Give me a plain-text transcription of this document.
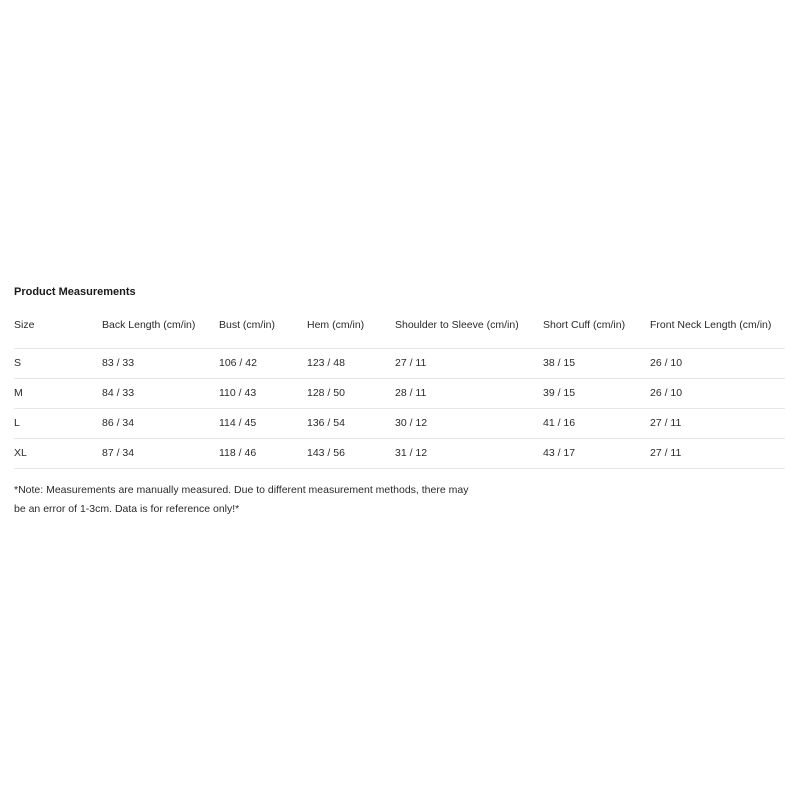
Product Measurements
Size	Back Length (cm/in)	Bust (cm/in)	Hem (cm/in)	Shoulder to Sleeve (cm/in)	Short Cuff (cm/in)	Front Neck Length (cm/in)
S	83 / 33	106 / 42	123 / 48	27 / 11	38 / 15	26 / 10
M	84 / 33	110 / 43	128 / 50	28 / 11	39 / 15	26 / 10
L	86 / 34	114 / 45	136 / 54	30 / 12	41 / 16	27 / 11
XL	87 / 34	118 / 46	143 / 56	31 / 12	43 / 17	27 / 11
*Note: Measurements are manually measured. Due to different measurement methods, there may
be an error of 1-3cm. Data is for reference only!*
